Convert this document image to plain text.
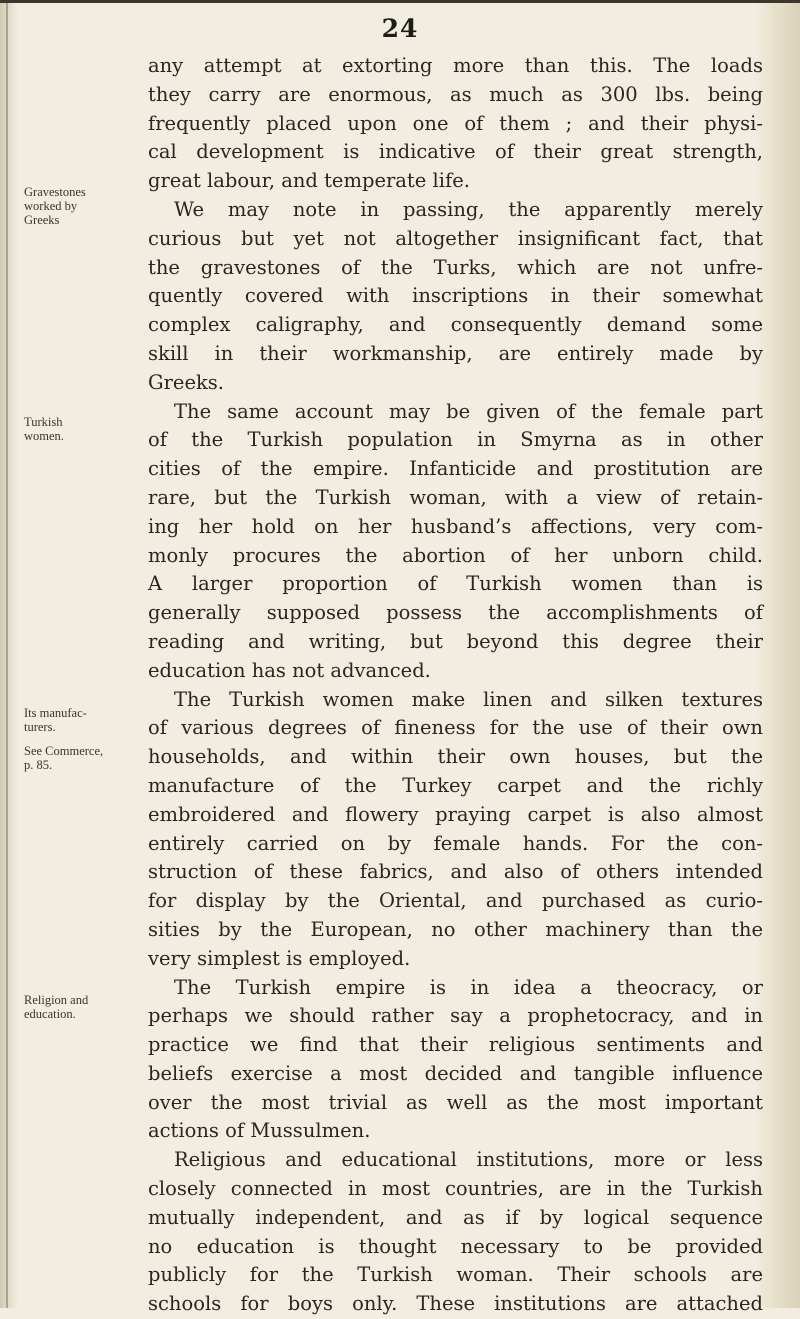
24
Gravestones
worked by
Greeks
Turkish
women.
Its manufac-
turers.
See Commerce,
p. 85.
Religion and
education.
any attempt at extorting more than this. The loads
they carry are enormous, as much as 300 lbs. being
frequently placed upon one of them ; and their physi-
cal development is indicative of their great strength,
great labour, and temperate life.
We may note in passing, the apparently merely
curious but yet not altogether insignificant fact, that
the gravestones of the Turks, which are not unfre-
quently covered with inscriptions in their somewhat
complex caligraphy, and consequently demand some
skill in their workmanship, are entirely made by
Greeks.
The same account may be given of the female part
of the Turkish population in Smyrna as in other
cities of the empire. Infanticide and prostitution are
rare, but the Turkish woman, with a view of retain-
ing her hold on her husband’s affections, very com-
monly procures the abortion of her unborn child.
A larger proportion of Turkish women than is
generally supposed possess the accomplishments of
reading and writing, but beyond this degree their
education has not advanced.
The Turkish women make linen and silken textures
of various degrees of fineness for the use of their own
households, and within their own houses, but the
manufacture of the Turkey carpet and the richly
embroidered and flowery praying carpet is also almost
entirely carried on by female hands. For the con-
struction of these fabrics, and also of others intended
for display by the Oriental, and purchased as curio-
sities by the European, no other machinery than the
very simplest is employed.
The Turkish empire is in idea a theocracy, or
perhaps we should rather say a prophetocracy, and in
practice we find that their religious sentiments and
beliefs exercise a most decided and tangible influence
over the most trivial as well as the most important
actions of Mussulmen.
Religious and educational institutions, more or less
closely connected in most countries, are in the Turkish
mutually independent, and as if by logical sequence
no education is thought necessary to be provided
publicly for the Turkish woman. Their schools are
schools for boys only. These institutions are attached
